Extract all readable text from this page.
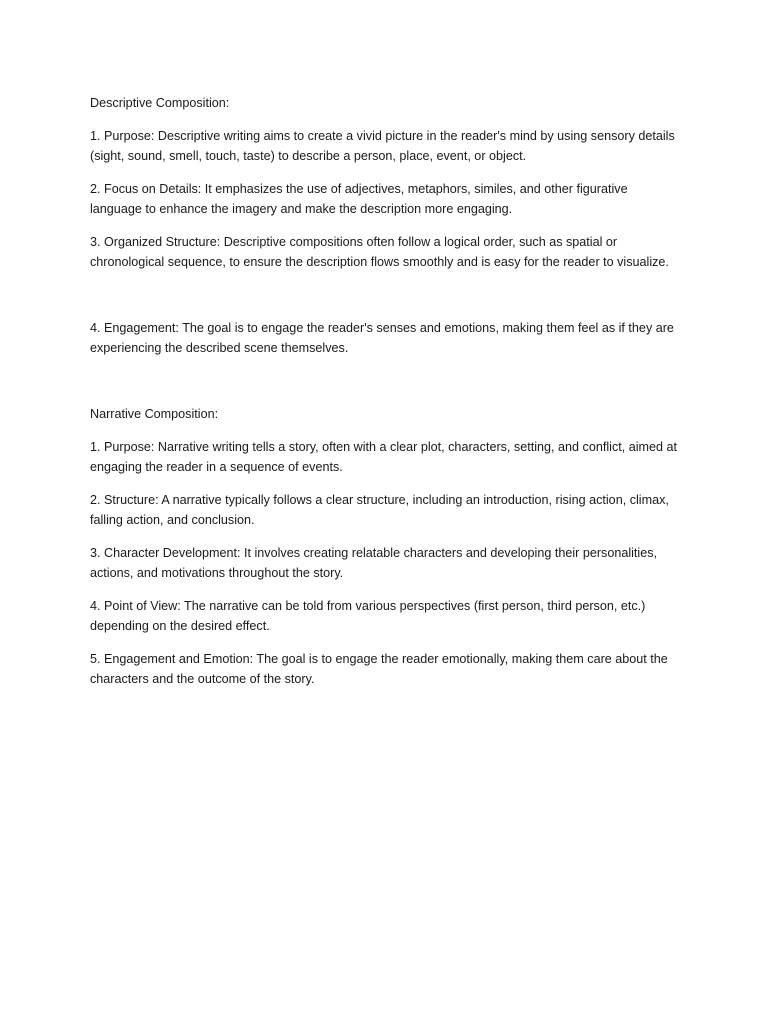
Descriptive Composition:

1. Purpose: Descriptive writing aims to create a vivid picture in the reader's mind by using sensory details (sight, sound, smell, touch, taste) to describe a person, place, event, or object.

2. Focus on Details: It emphasizes the use of adjectives, metaphors, similes, and other figurative language to enhance the imagery and make the description more engaging.

3. Organized Structure: Descriptive compositions often follow a logical order, such as spatial or chronological sequence, to ensure the description flows smoothly and is easy for the reader to visualize.

4. Engagement: The goal is to engage the reader's senses and emotions, making them feel as if they are experiencing the described scene themselves.

Narrative Composition:

1. Purpose: Narrative writing tells a story, often with a clear plot, characters, setting, and conflict, aimed at engaging the reader in a sequence of events.

2. Structure: A narrative typically follows a clear structure, including an introduction, rising action, climax, falling action, and conclusion.

3. Character Development: It involves creating relatable characters and developing their personalities, actions, and motivations throughout the story.

4. Point of View: The narrative can be told from various perspectives (first person, third person, etc.) depending on the desired effect.

5. Engagement and Emotion: The goal is to engage the reader emotionally, making them care about the characters and the outcome of the story.
